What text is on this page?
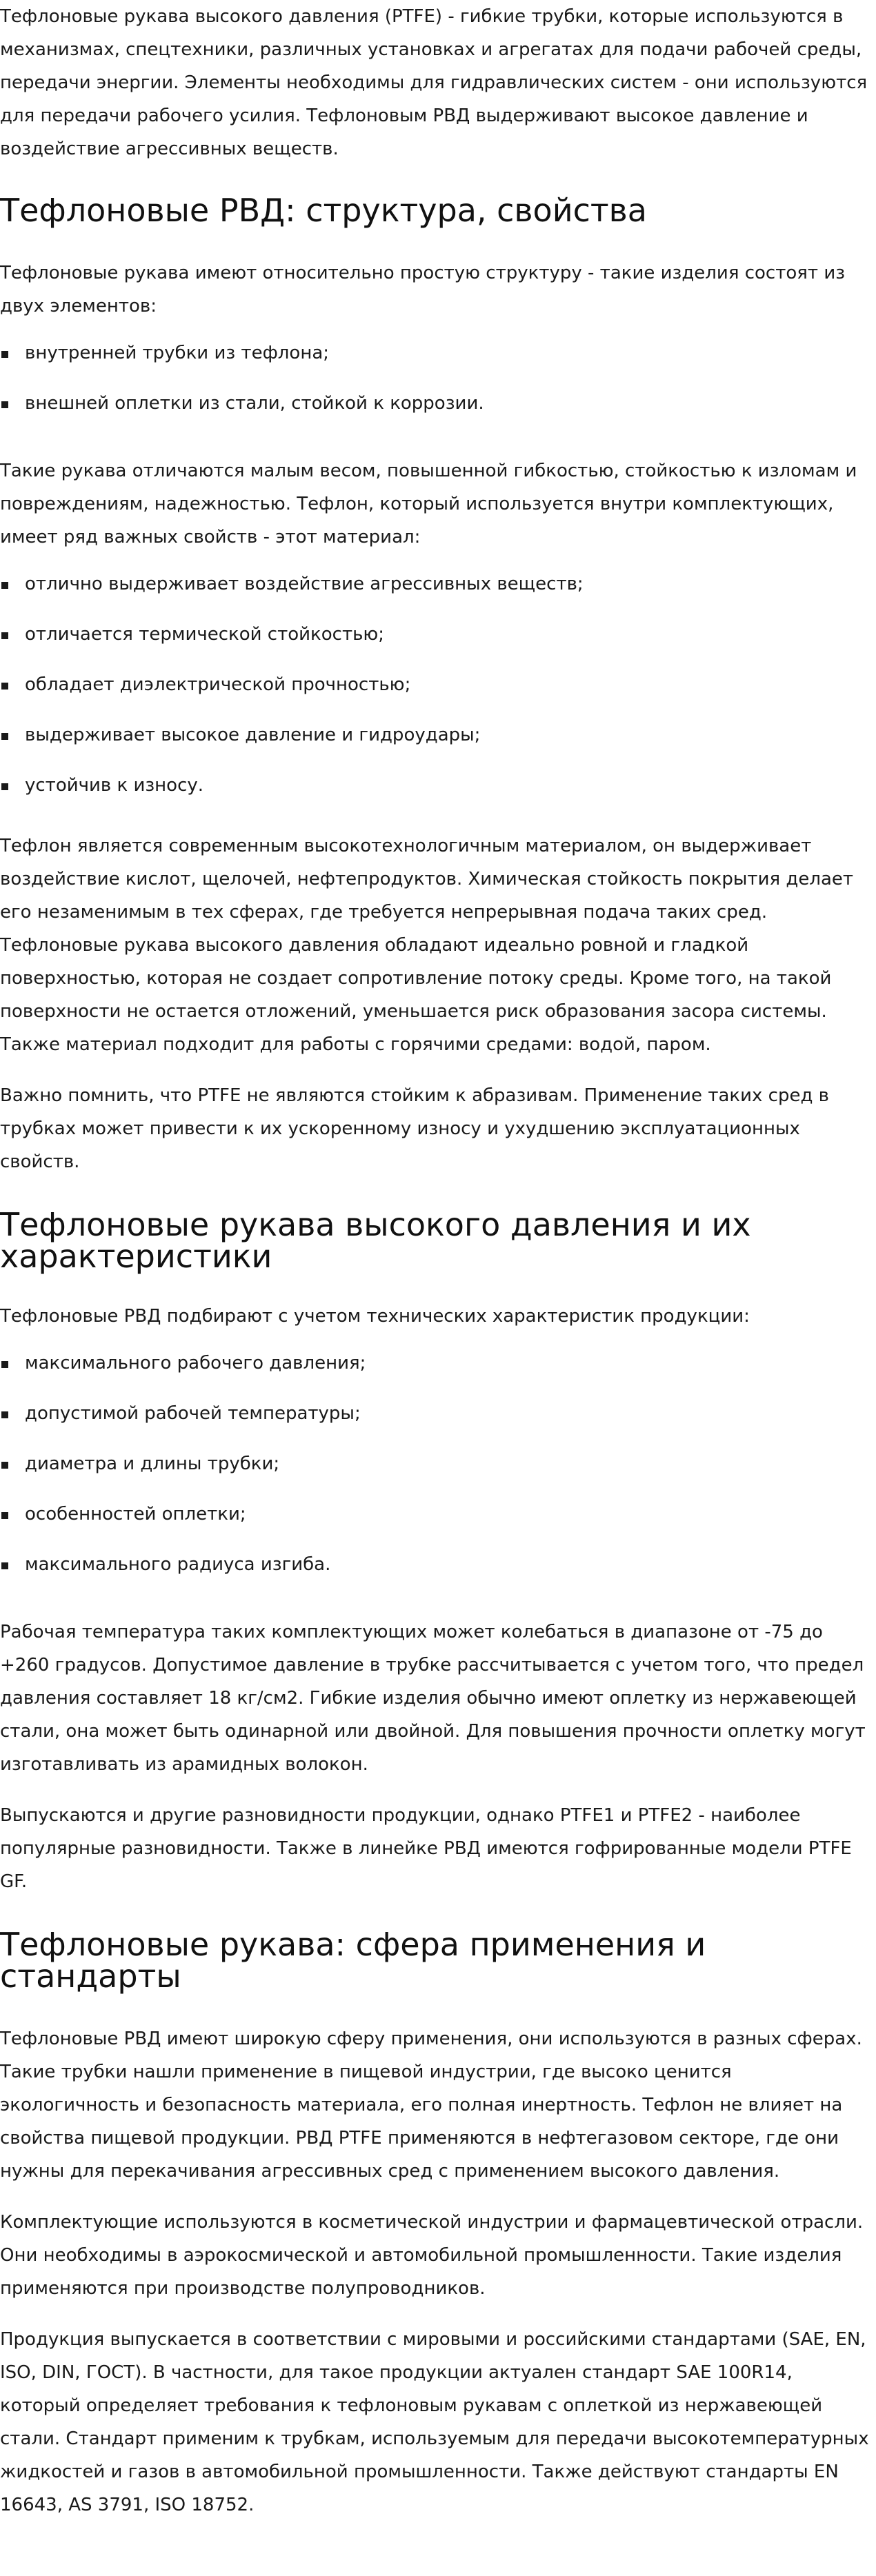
Тефлоновые рукава высокого давления (PTFE) - гибкие трубки, которые используются в механизмах, спецтехники, различных установках и агрегатах для подачи рабочей среды, передачи энергии. Элементы необходимы для гидравлических систем - они используются для передачи рабочего усилия. Тефлоновым РВД выдерживают высокое давление и воздействие агрессивных веществ.

Тефлоновые РВД: структура, свойства

Тефлоновые рукава имеют относительно простую структуру - такие изделия состоят из двух элементов:

внутренней трубки из тефлона;
внешней оплетки из стали, стойкой к коррозии.

Такие рукава отличаются малым весом, повышенной гибкостью, стойкостью к изломам и повреждениям, надежностью. Тефлон, который используется внутри комплектующих, имеет ряд важных свойств - этот материал:

отлично выдерживает воздействие агрессивных веществ;
отличается термической стойкостью;
обладает диэлектрической прочностью;
выдерживает высокое давление и гидроудары;
устойчив к износу.

Тефлон является современным высокотехнологичным материалом, он выдерживает воздействие кислот, щелочей, нефтепродуктов. Химическая стойкость покрытия делает его незаменимым в тех сферах, где требуется непрерывная подача таких сред. Тефлоновые рукава высокого давления обладают идеально ровной и гладкой поверхностью, которая не создает сопротивление потоку среды. Кроме того, на такой поверхности не остается отложений, уменьшается риск образования засора системы. Также материал подходит для работы с горячими средами: водой, паром.

Важно помнить, что PTFE не являются стойким к абразивам. Применение таких сред в трубках может привести к их ускоренному износу и ухудшению эксплуатационных свойств.

Тефлоновые рукава высокого давления и их характеристики

Тефлоновые РВД подбирают с учетом технических характеристик продукции:

максимального рабочего давления;
допустимой рабочей температуры;
диаметра и длины трубки;
особенностей оплетки;
максимального радиуса изгиба.

Рабочая температура таких комплектующих может колебаться в диапазоне от -75 до +260 градусов. Допустимое давление в трубке рассчитывается с учетом того, что предел давления составляет 18 кг/см2. Гибкие изделия обычно имеют оплетку из нержавеющей стали, она может быть одинарной или двойной. Для повышения прочности оплетку могут изготавливать из арамидных волокон.

Выпускаются и другие разновидности продукции, однако PTFE1 и PTFE2 - наиболее популярные разновидности. Также в линейке РВД имеются гофрированные модели PTFE GF.

Тефлоновые рукава: сфера применения и стандарты

Тефлоновые РВД имеют широкую сферу применения, они используются в разных сферах. Такие трубки нашли применение в пищевой индустрии, где высоко ценится экологичность и безопасность материала, его полная инертность. Тефлон не влияет на свойства пищевой продукции. РВД PTFE применяются в нефтегазовом секторе, где они нужны для перекачивания агрессивных сред с применением высокого давления.

Комплектующие используются в косметической индустрии и фармацевтической отрасли. Они необходимы в аэрокосмической и автомобильной промышленности. Такие изделия применяются при производстве полупроводников.

Продукция выпускается в соответствии с мировыми и российскими стандартами (SAE, EN, ISO, DIN, ГОСТ). В частности, для такое продукции актуален стандарт SAE 100R14, который определяет требования к тефлоновым рукавам с оплеткой из нержавеющей стали. Стандарт применим к трубкам, используемым для передачи высокотемпературных жидкостей и газов в автомобильной промышленности. Также действуют стандарты EN 16643, AS 3791, ISO 18752.
